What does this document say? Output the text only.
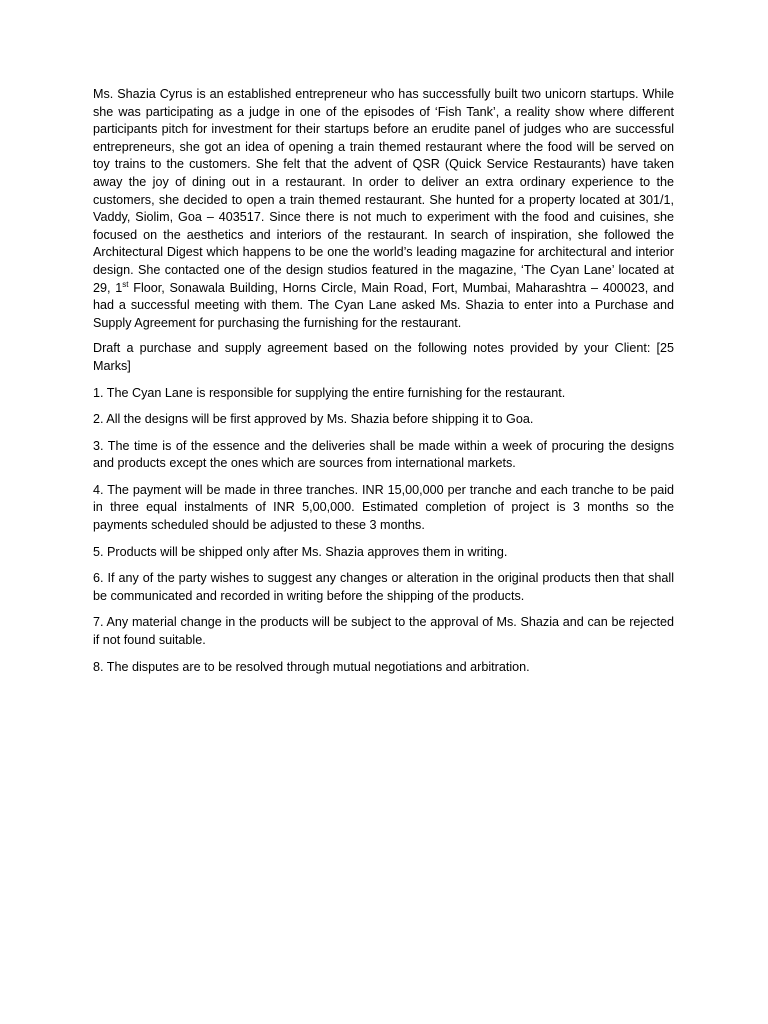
Ms. Shazia Cyrus is an established entrepreneur who has successfully built two unicorn startups. While she was participating as a judge in one of the episodes of ‘Fish Tank’, a reality show where different participants pitch for investment for their startups before an erudite panel of judges who are successful entrepreneurs, she got an idea of opening a train themed restaurant where the food will be served on toy trains to the customers. She felt that the advent of QSR (Quick Service Restaurants) have taken away the joy of dining out in a restaurant. In order to deliver an extra ordinary experience to the customers, she decided to open a train themed restaurant. She hunted for a property located at 301/1, Vaddy, Siolim, Goa – 403517. Since there is not much to experiment with the food and cuisines, she focused on the aesthetics and interiors of the restaurant. In search of inspiration, she followed the Architectural Digest which happens to be one the world’s leading magazine for architectural and interior design. She contacted one of the design studios featured in the magazine, ‘The Cyan Lane’ located at 29, 1st Floor, Sonawala Building, Horns Circle, Main Road, Fort, Mumbai, Maharashtra – 400023, and had a successful meeting with them. The Cyan Lane asked Ms. Shazia to enter into a Purchase and Supply Agreement for purchasing the furnishing for the restaurant.

Draft a purchase and supply agreement based on the following notes provided by your Client: [25 Marks]

1. The Cyan Lane is responsible for supplying the entire furnishing for the restaurant.

2. All the designs will be first approved by Ms. Shazia before shipping it to Goa.

3. The time is of the essence and the deliveries shall be made within a week of procuring the designs and products except the ones which are sources from international markets.

4. The payment will be made in three tranches. INR 15,00,000 per tranche and each tranche to be paid in three equal instalments of INR 5,00,000. Estimated completion of project is 3 months so the payments scheduled should be adjusted to these 3 months.

5. Products will be shipped only after Ms. Shazia approves them in writing.

6. If any of the party wishes to suggest any changes or alteration in the original products then that shall be communicated and recorded in writing before the shipping of the products.

7. Any material change in the products will be subject to the approval of Ms. Shazia and can be rejected if not found suitable.

8. The disputes are to be resolved through mutual negotiations and arbitration.
